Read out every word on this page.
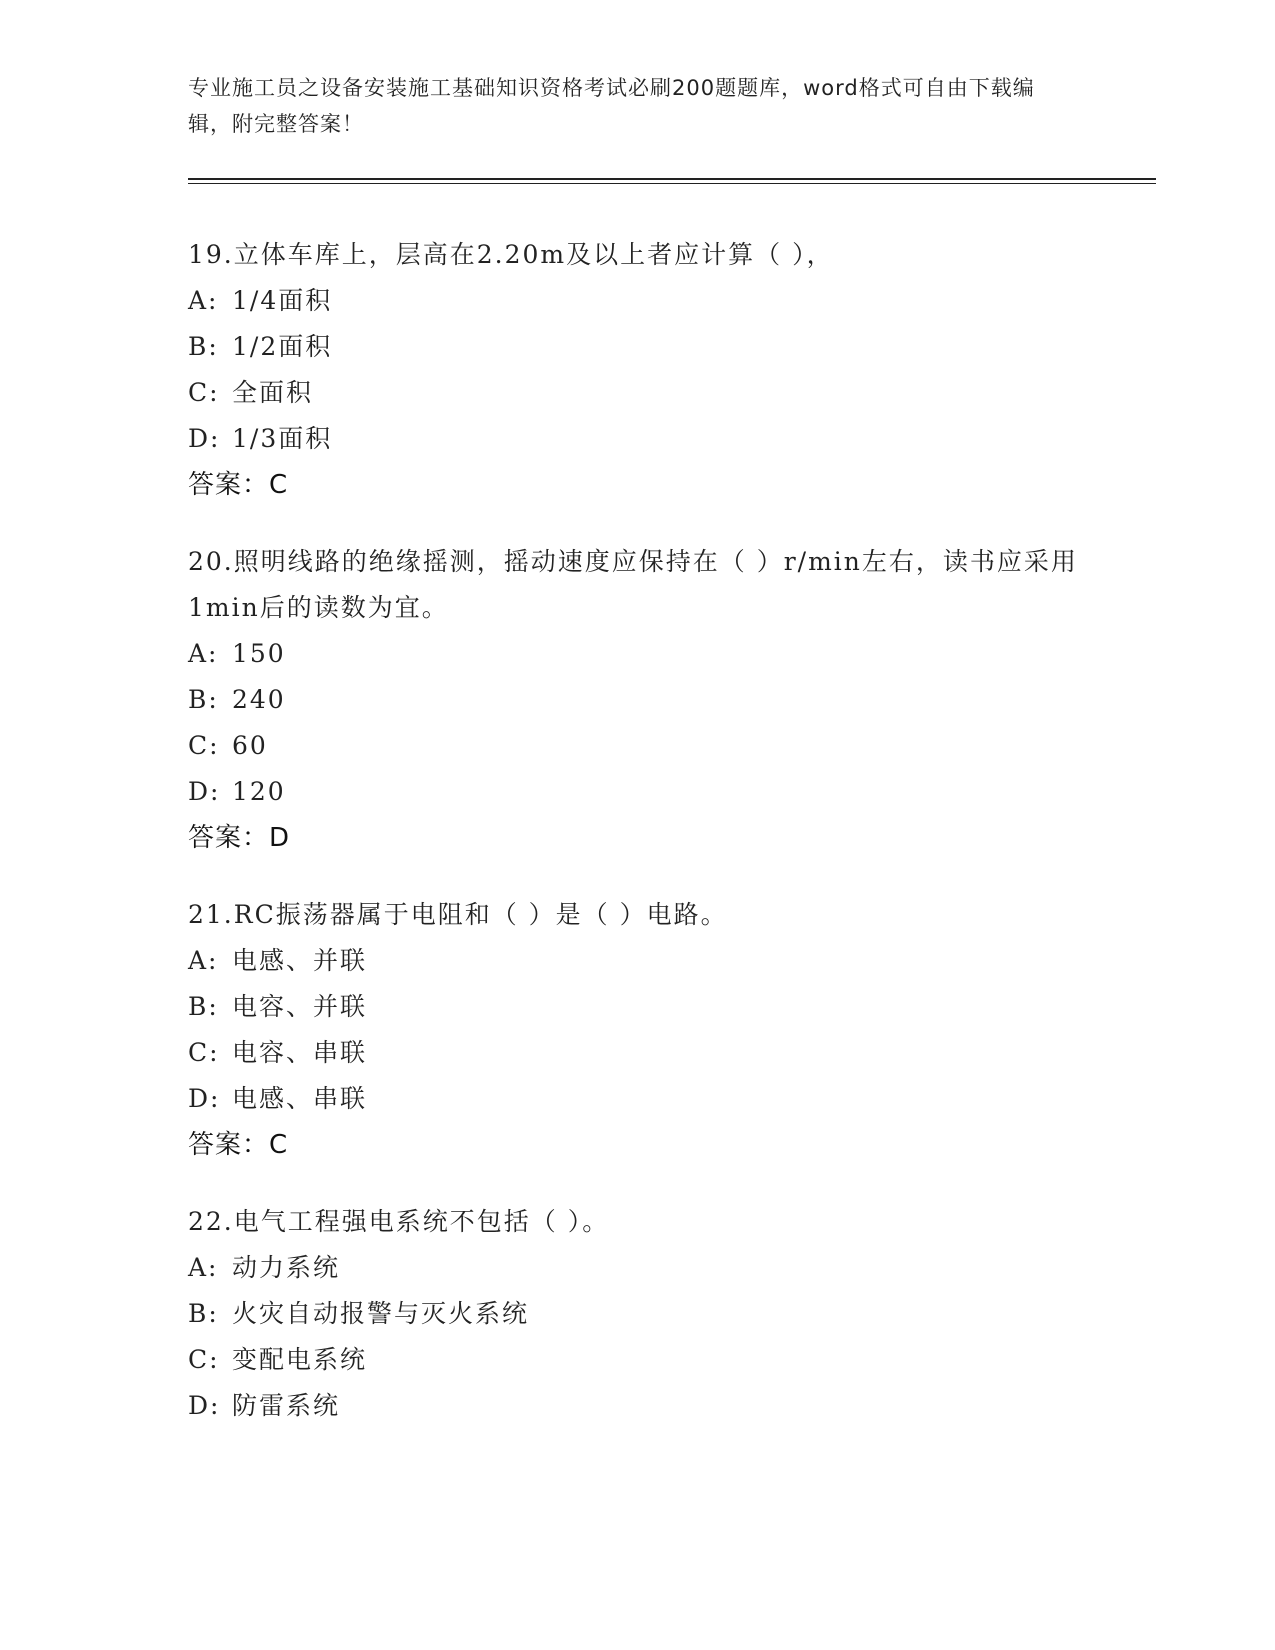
专业施工员之设备安装施工基础知识资格考试必刷200题题库，word格式可自由下载编辑，附完整答案！
19.立体车库上，层高在2.20m及以上者应计算（ ），
A: 1/4面积
B: 1/2面积
C: 全面积
D: 1/3面积
答案：C
20.照明线路的绝缘摇测，摇动速度应保持在（ ）r/min左右，读书应采用1min后的读数为宜。
A: 150
B: 240
C: 60
D: 120
答案：D
21.RC振荡器属于电阻和（ ）是（ ）电路。
A: 电感、并联
B: 电容、并联
C: 电容、串联
D: 电感、串联
答案：C
22.电气工程强电系统不包括（ ）。
A: 动力系统
B: 火灾自动报警与灭火系统
C: 变配电系统
D: 防雷系统
